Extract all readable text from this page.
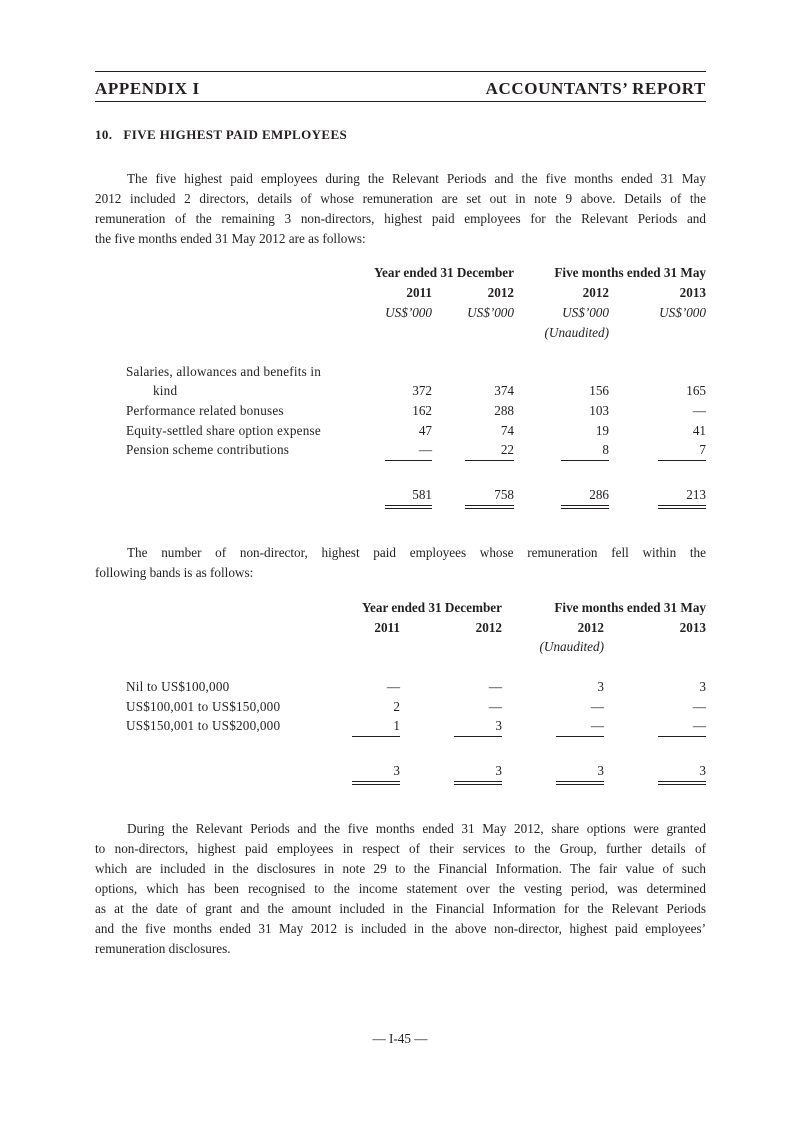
APPENDIX I	ACCOUNTANTS’ REPORT
10.   FIVE HIGHEST PAID EMPLOYEES
The five highest paid employees during the Relevant Periods and the five months ended 31 May
2012 included 2 directors, details of whose remuneration are set out in note 9 above. Details of the
remuneration of the remaining 3 non-directors, highest paid employees for the Relevant Periods and
the five months ended 31 May 2012 are as follows:
Year ended 31 December	Five months ended 31 May
2011	2012	2012	2013
US$’000	US$’000	US$’000	US$’000
(Unaudited)
Salaries, allowances and benefits in
kind	372	374	156	165
Performance related bonuses	162	288	103	—
Equity-settled share option expense	47	74	19	41
Pension scheme contributions	—	22	8	7
581	758	286	213
The number of non-director, highest paid employees whose remuneration fell within the
following bands is as follows:
Year ended 31 December	Five months ended 31 May
2011	2012	2012	2013
(Unaudited)
Nil to US$100,000	—	—	3	3
US$100,001 to US$150,000	2	—	—	—
US$150,001 to US$200,000	1	3	—	—
3	3	3	3
During the Relevant Periods and the five months ended 31 May 2012, share options were granted
to non-directors, highest paid employees in respect of their services to the Group, further details of
which are included in the disclosures in note 29 to the Financial Information. The fair value of such
options, which has been recognised to the income statement over the vesting period, was determined
as at the date of grant and the amount included in the Financial Information for the Relevant Periods
and the five months ended 31 May 2012 is included in the above non-director, highest paid employees’
remuneration disclosures.
— I-45 —
